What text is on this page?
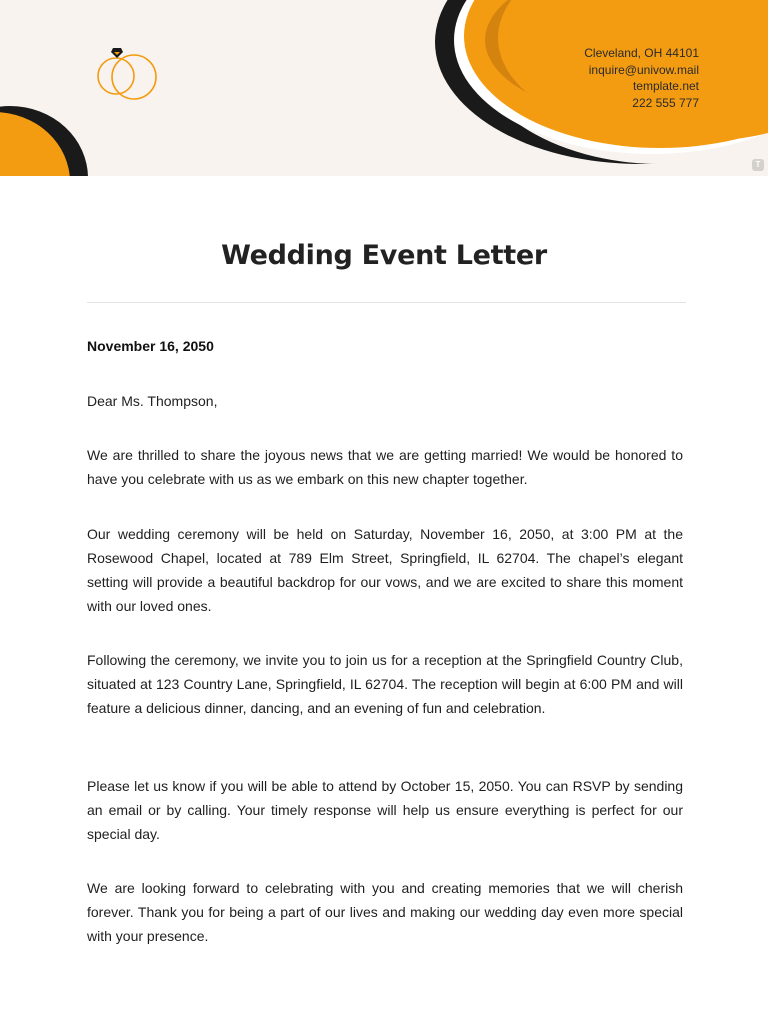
Cleveland, OH 44101
inquire@univow.mail
template.net
222 555 777
T
Wedding Event Letter
November 16, 2050
Dear Ms. Thompson,

We are thrilled to share the joyous news that we are getting married! We would be honored to have you celebrate with us as we embark on this new chapter together.

Our wedding ceremony will be held on Saturday, November 16, 2050, at 3:00 PM at the Rosewood Chapel, located at 789 Elm Street, Springfield, IL 62704. The chapel’s elegant setting will provide a beautiful backdrop for our vows, and we are excited to share this moment with our loved ones.

Following the ceremony, we invite you to join us for a reception at the Springfield Country Club, situated at 123 Country Lane, Springfield, IL 62704. The reception will begin at 6:00 PM and will feature a delicious dinner, dancing, and an evening of fun and celebration.

Please let us know if you will be able to attend by October 15, 2050. You can RSVP by sending an email or by calling. Your timely response will help us ensure everything is perfect for our special day.

We are looking forward to celebrating with you and creating memories that we will cherish forever. Thank you for being a part of our lives and making our wedding day even more special with your presence.
